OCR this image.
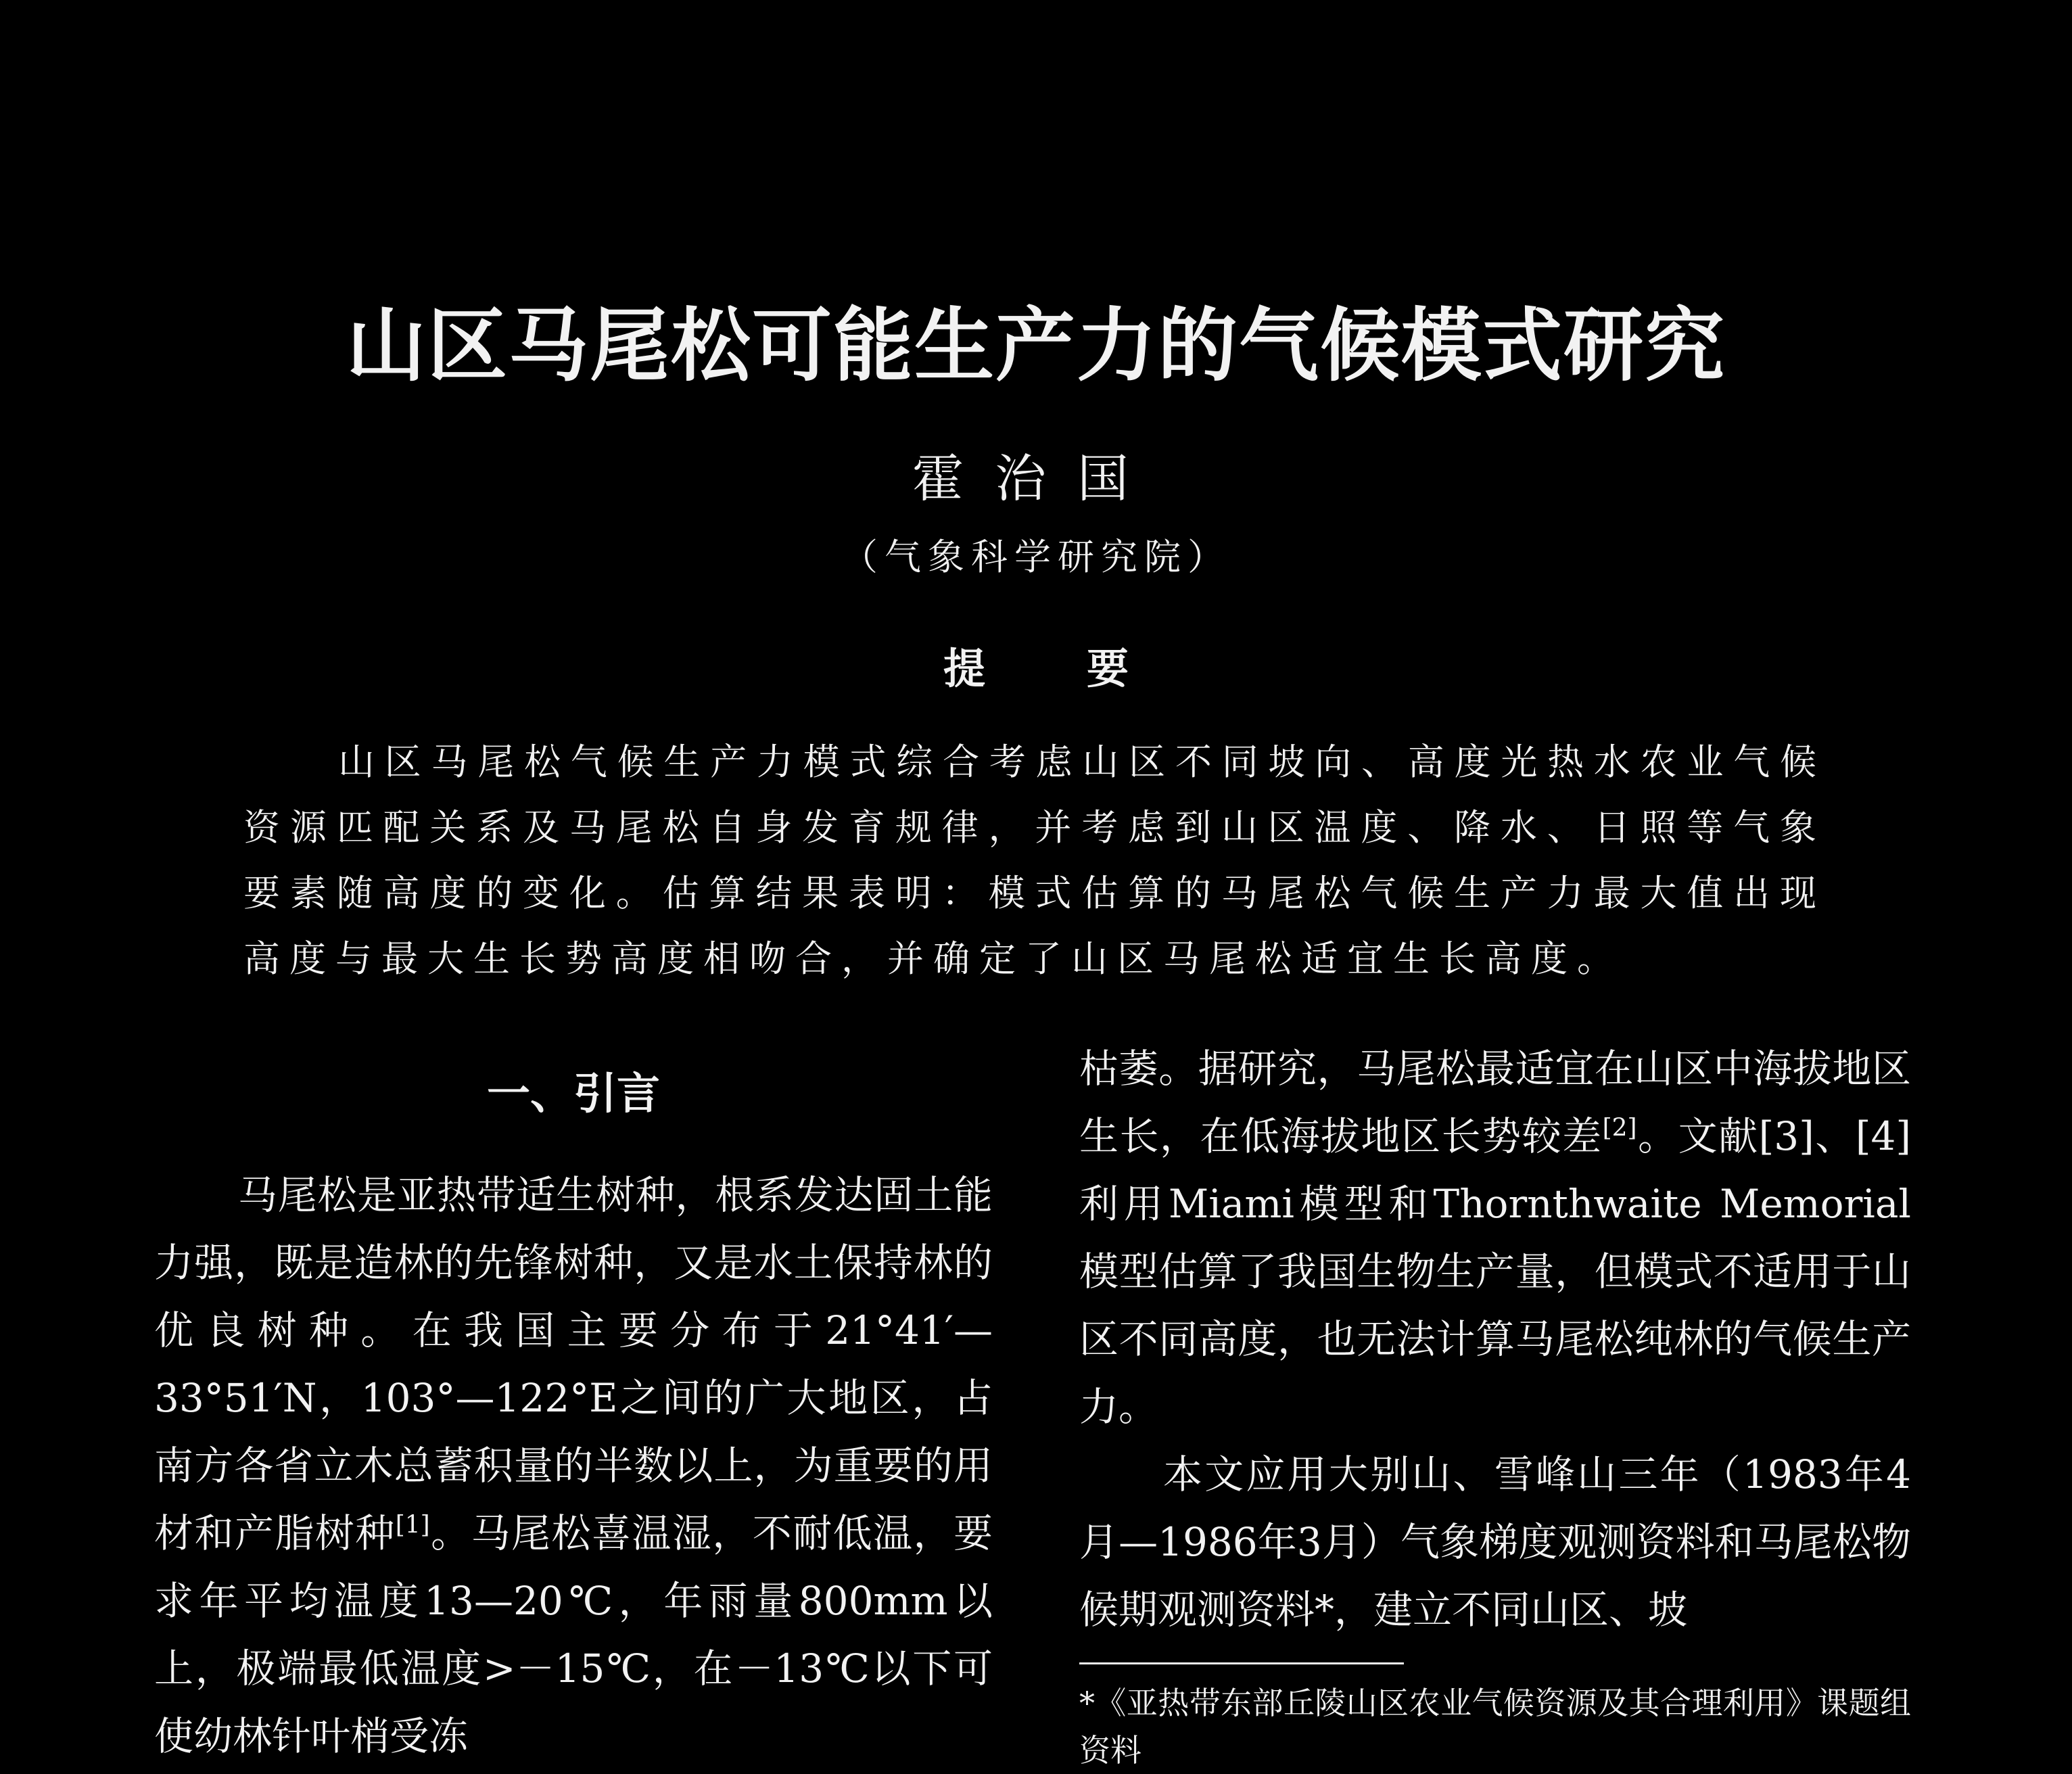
山区马尾松可能生产力的气候模式研究
霍治国
（气象科学研究院）
提要

山区马尾松气候生产力模式综合考虑山区不同坡向、高度光热水农业气候资源匹配关系及马尾松自身发育规律，并考虑到山区温度、降水、日照等气象要素随高度的变化。估算结果表明：模式估算的马尾松气候生产力最大值出现高度与最大生长势高度相吻合，并确定了山区马尾松适宜生长高度。

一、引言

马尾松是亚热带适生树种，根系发达固土能力强，既是造林的先锋树种，又是水土保持林的优良树种。在我国主要分布于21°41′—33°51′N，103°—122°E之间的广大地区，占南方各省立木总蓄积量的半数以上，为重要的用材和产脂树种[1]。马尾松喜温湿，不耐低温，要求年平均温度13—20℃，年雨量800mm以上，极端最低温度>－15℃，在－13℃以下可使幼林针叶梢受冻

枯萎。据研究，马尾松最适宜在山区中海拔地区生长，在低海拔地区长势较差[2]。文献[3]、[4]利用Miami模型和Thornthwaite Memorial模型估算了我国生物生产量，但模式不适用于山区不同高度，也无法计算马尾松纯林的气候生产力。

本文应用大别山、雪峰山三年（1983年4月—1986年3月）气象梯度观测资料和马尾松物候期观测资料*，建立不同山区、坡

*《亚热带东部丘陵山区农业气候资源及其合理利用》课题组资料
